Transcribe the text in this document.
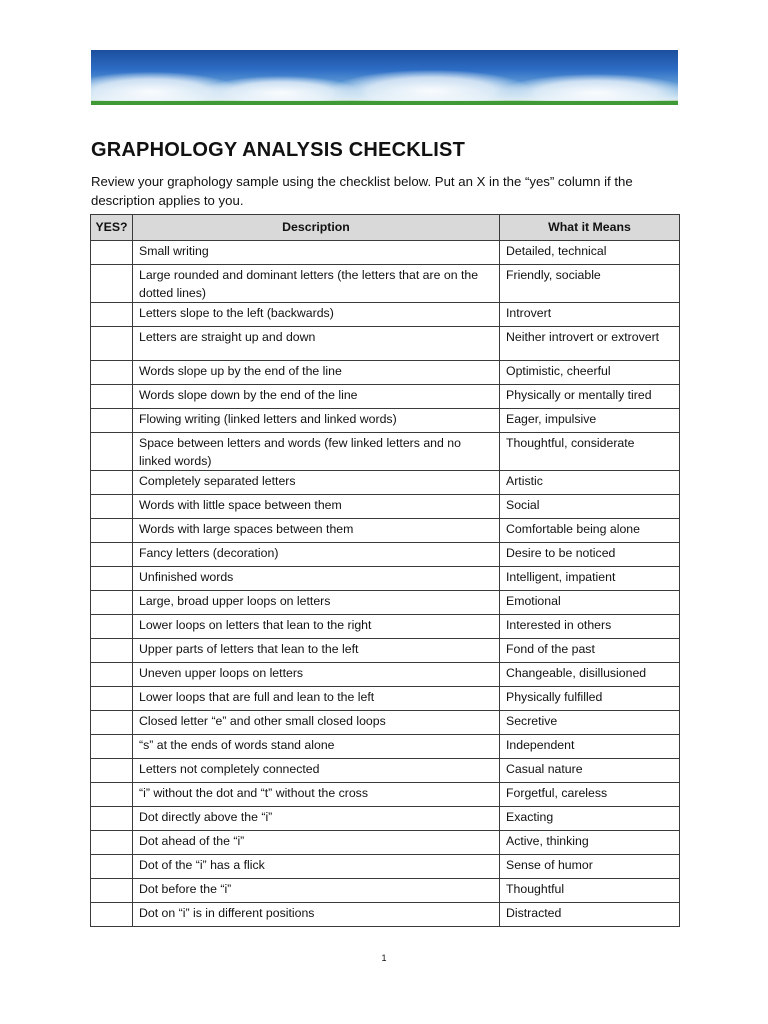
GRAPHOLOGY ANALYSIS CHECKLIST

Review your graphology sample using the checklist below. Put an X in the “yes” column if the description applies to you.

YES?	Description	What it Means
	Small writing	Detailed, technical
	Large rounded and dominant letters (the letters that are on the dotted lines)	Friendly, sociable
	Letters slope to the left (backwards)	Introvert
	Letters are straight up and down	Neither introvert or extrovert
	Words slope up by the end of the line	Optimistic, cheerful
	Words slope down by the end of the line	Physically or mentally tired
	Flowing writing (linked letters and linked words)	Eager, impulsive
	Space between letters and words (few linked letters and no linked words)	Thoughtful, considerate
	Completely separated letters	Artistic
	Words with little space between them	Social
	Words with large spaces between them	Comfortable being alone
	Fancy letters (decoration)	Desire to be noticed
	Unfinished words	Intelligent, impatient
	Large, broad upper loops on letters	Emotional
	Lower loops on letters that lean to the right	Interested in others
	Upper parts of letters that lean to the left	Fond of the past
	Uneven upper loops on letters	Changeable, disillusioned
	Lower loops that are full and lean to the left	Physically fulfilled
	Closed letter “e” and other small closed loops	Secretive
	“s” at the ends of words stand alone	Independent
	Letters not completely connected	Casual nature
	“i” without the dot and “t” without the cross	Forgetful, careless
	Dot directly above the “i”	Exacting
	Dot ahead of the “i”	Active, thinking
	Dot of the “i” has a flick	Sense of humor
	Dot before the “i”	Thoughtful
	Dot on “i” is in different positions	Distracted
1
